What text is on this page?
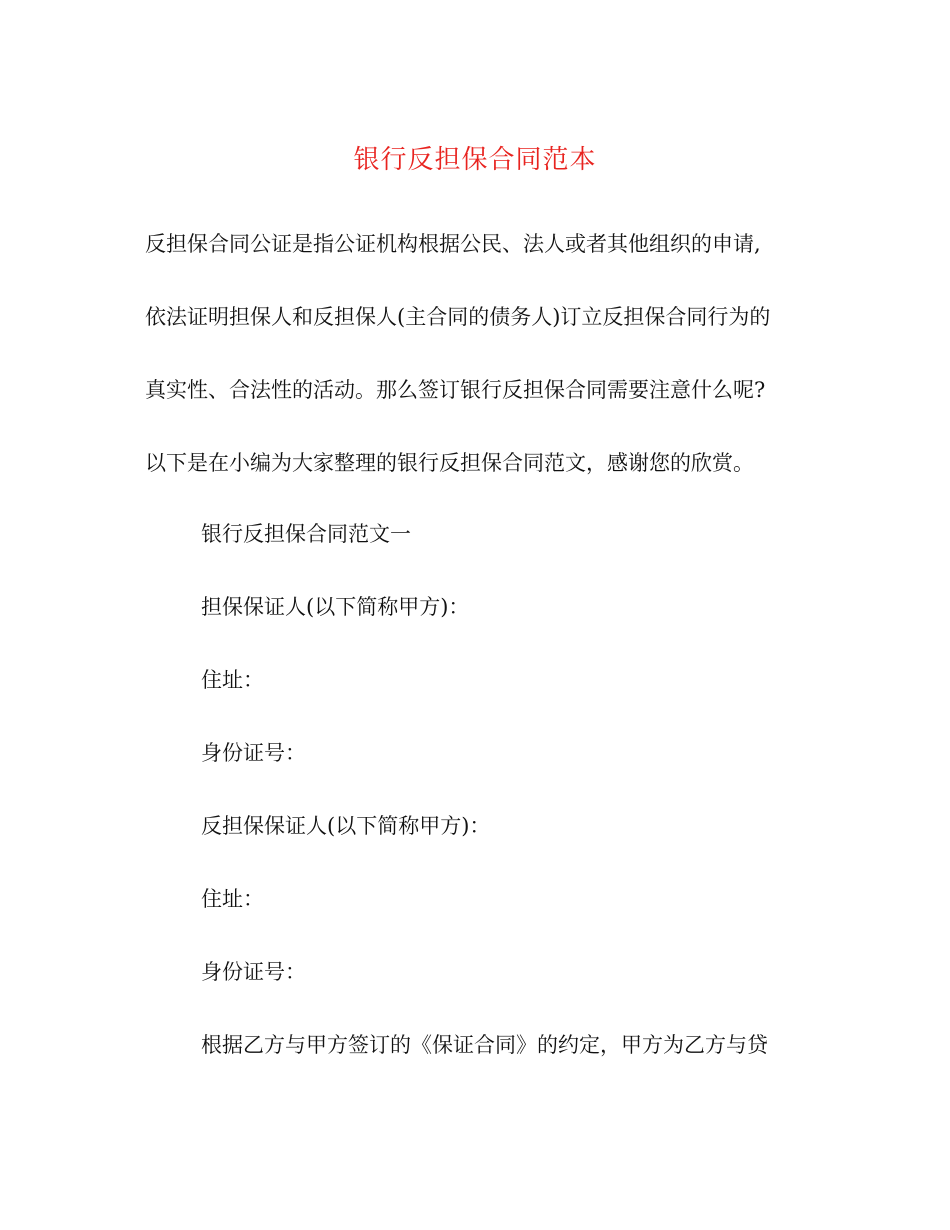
银行反担保合同范本
反担保合同公证是指公证机构根据公民、法人或者其他组织的申请,
依法证明担保人和反担保人(主合同的债务人)订立反担保合同行为的
真实性、合法性的活动。那么签订银行反担保合同需要注意什么呢?
以下是在小编为大家整理的银行反担保合同范文，感谢您的欣赏。
银行反担保合同范文一
担保保证人(以下简称甲方)：
住址：
身份证号：
反担保保证人(以下简称甲方)：
住址：
身份证号：
根据乙方与甲方签订的《保证合同》的约定，甲方为乙方与贷
